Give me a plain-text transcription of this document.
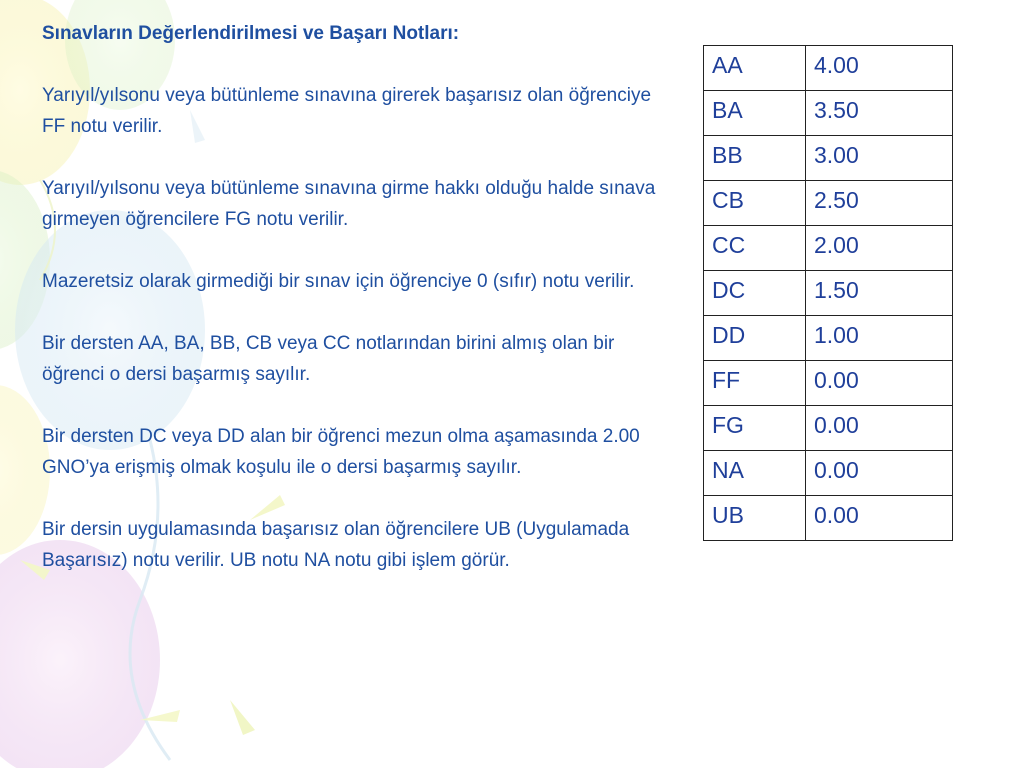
Sınavların Değerlendirilmesi ve Başarı Notları:

Yarıyıl/yılsonu veya bütünleme sınavına girerek başarısız olan öğrenciye FF notu verilir.

Yarıyıl/yılsonu veya bütünleme sınavına girme hakkı olduğu halde sınava girmeyen öğrencilere FG notu verilir.

Mazeretsiz olarak girmediği bir sınav için öğrenciye 0 (sıfır) notu verilir.

Bir dersten AA, BA, BB, CB veya CC notlarından birini almış olan bir öğrenci o dersi başarmış sayılır.

Bir dersten DC veya DD alan bir öğrenci mezun olma aşamasında 2.00 GNO’ya erişmiş olmak koşulu ile o dersi başarmış sayılır.

Bir dersin uygulamasında başarısız olan öğrencilere UB (Uygulamada Başarısız) notu verilir. UB notu NA notu gibi işlem görür.

AA	4.00
BA	3.50
BB	3.00
CB	2.50
CC	2.00
DC	1.50
DD	1.00
FF	0.00
FG	0.00
NA	0.00
UB	0.00
